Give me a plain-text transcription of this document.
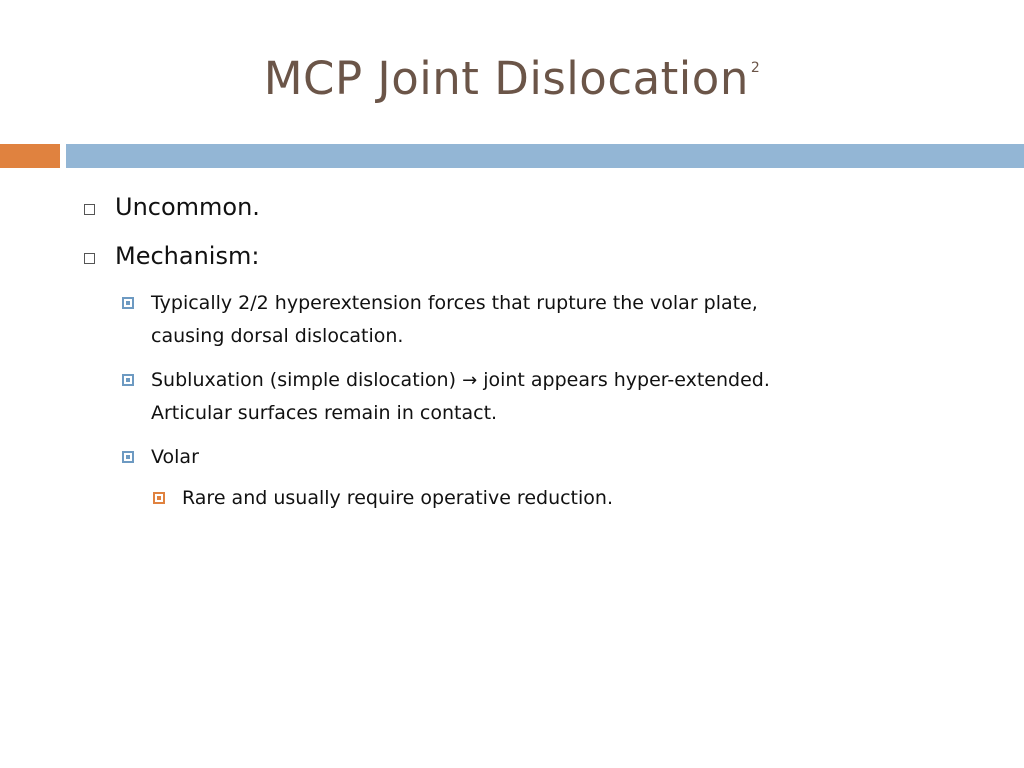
MCP Joint Dislocation $^2$
Uncommon.
Mechanism:
Typically 2/2 hyperextension forces that rupture the volar plate,
causing dorsal dislocation.
Subluxation (simple dislocation) → joint appears hyper-extended.
Articular surfaces remain in contact.
Volar
Rare and usually require operative reduction.
